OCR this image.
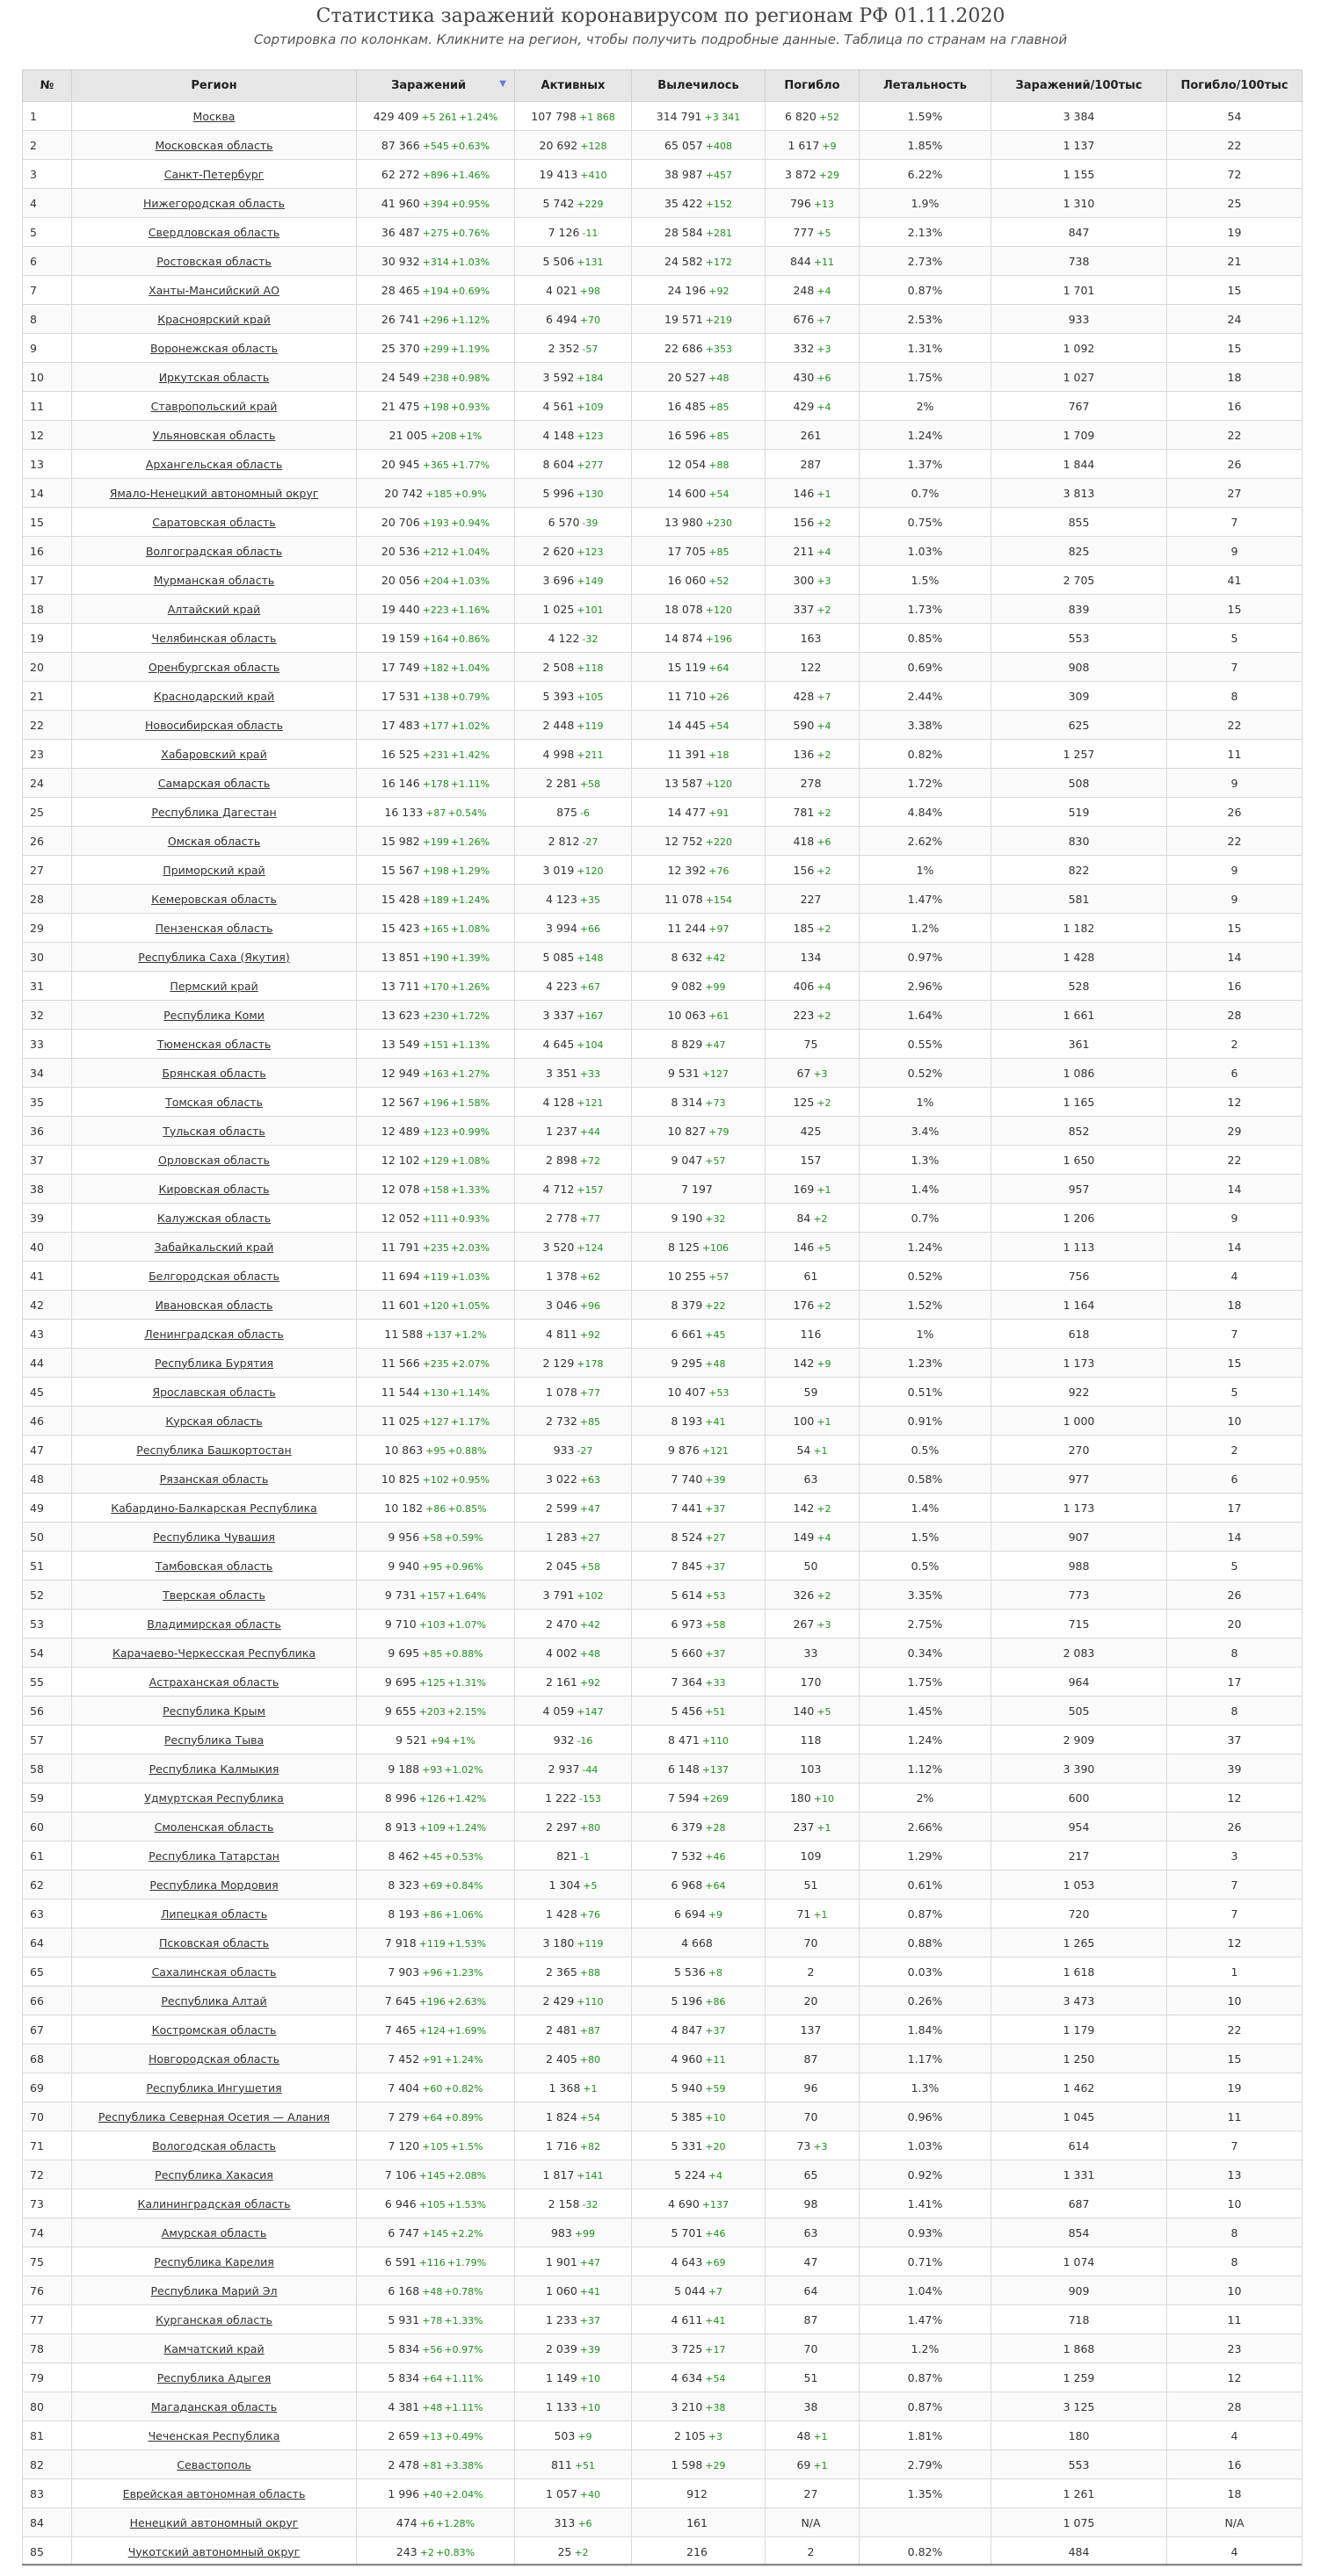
Статистика заражений коронавирусом по регионам РФ 01.11.2020
Сортировка по колонкам. Кликните на регион, чтобы получить подробные данные. Таблица по странам на главной
№	Регион	Заражений ▼	Активных	Вылечилось	Погибло	Летальность	Заражений/100тыс	Погибло/100тыс
1	Москва	429 409 +5 261 +1.24%	107 798 +1 868	314 791 +3 341	6 820 +52	1.59%	3 384	54
2	Московская область	87 366 +545 +0.63%	20 692 +128	65 057 +408	1 617 +9	1.85%	1 137	22
3	Санкт-Петербург	62 272 +896 +1.46%	19 413 +410	38 987 +457	3 872 +29	6.22%	1 155	72
4	Нижегородская область	41 960 +394 +0.95%	5 742 +229	35 422 +152	796 +13	1.9%	1 310	25
5	Свердловская область	36 487 +275 +0.76%	7 126 -11	28 584 +281	777 +5	2.13%	847	19
6	Ростовская область	30 932 +314 +1.03%	5 506 +131	24 582 +172	844 +11	2.73%	738	21
7	Ханты-Мансийский АО	28 465 +194 +0.69%	4 021 +98	24 196 +92	248 +4	0.87%	1 701	15
8	Красноярский край	26 741 +296 +1.12%	6 494 +70	19 571 +219	676 +7	2.53%	933	24
9	Воронежская область	25 370 +299 +1.19%	2 352 -57	22 686 +353	332 +3	1.31%	1 092	15
10	Иркутская область	24 549 +238 +0.98%	3 592 +184	20 527 +48	430 +6	1.75%	1 027	18
11	Ставропольский край	21 475 +198 +0.93%	4 561 +109	16 485 +85	429 +4	2%	767	16
12	Ульяновская область	21 005 +208 +1%	4 148 +123	16 596 +85	261	1.24%	1 709	22
13	Архангельская область	20 945 +365 +1.77%	8 604 +277	12 054 +88	287	1.37%	1 844	26
14	Ямало-Ненецкий автономный округ	20 742 +185 +0.9%	5 996 +130	14 600 +54	146 +1	0.7%	3 813	27
15	Саратовская область	20 706 +193 +0.94%	6 570 -39	13 980 +230	156 +2	0.75%	855	7
16	Волгоградская область	20 536 +212 +1.04%	2 620 +123	17 705 +85	211 +4	1.03%	825	9
17	Мурманская область	20 056 +204 +1.03%	3 696 +149	16 060 +52	300 +3	1.5%	2 705	41
18	Алтайский край	19 440 +223 +1.16%	1 025 +101	18 078 +120	337 +2	1.73%	839	15
19	Челябинская область	19 159 +164 +0.86%	4 122 -32	14 874 +196	163	0.85%	553	5
20	Оренбургская область	17 749 +182 +1.04%	2 508 +118	15 119 +64	122	0.69%	908	7
21	Краснодарский край	17 531 +138 +0.79%	5 393 +105	11 710 +26	428 +7	2.44%	309	8
22	Новосибирская область	17 483 +177 +1.02%	2 448 +119	14 445 +54	590 +4	3.38%	625	22
23	Хабаровский край	16 525 +231 +1.42%	4 998 +211	11 391 +18	136 +2	0.82%	1 257	11
24	Самарская область	16 146 +178 +1.11%	2 281 +58	13 587 +120	278	1.72%	508	9
25	Республика Дагестан	16 133 +87 +0.54%	875 -6	14 477 +91	781 +2	4.84%	519	26
26	Омская область	15 982 +199 +1.26%	2 812 -27	12 752 +220	418 +6	2.62%	830	22
27	Приморский край	15 567 +198 +1.29%	3 019 +120	12 392 +76	156 +2	1%	822	9
28	Кемеровская область	15 428 +189 +1.24%	4 123 +35	11 078 +154	227	1.47%	581	9
29	Пензенская область	15 423 +165 +1.08%	3 994 +66	11 244 +97	185 +2	1.2%	1 182	15
30	Республика Саха (Якутия)	13 851 +190 +1.39%	5 085 +148	8 632 +42	134	0.97%	1 428	14
31	Пермский край	13 711 +170 +1.26%	4 223 +67	9 082 +99	406 +4	2.96%	528	16
32	Республика Коми	13 623 +230 +1.72%	3 337 +167	10 063 +61	223 +2	1.64%	1 661	28
33	Тюменская область	13 549 +151 +1.13%	4 645 +104	8 829 +47	75	0.55%	361	2
34	Брянская область	12 949 +163 +1.27%	3 351 +33	9 531 +127	67 +3	0.52%	1 086	6
35	Томская область	12 567 +196 +1.58%	4 128 +121	8 314 +73	125 +2	1%	1 165	12
36	Тульская область	12 489 +123 +0.99%	1 237 +44	10 827 +79	425	3.4%	852	29
37	Орловская область	12 102 +129 +1.08%	2 898 +72	9 047 +57	157	1.3%	1 650	22
38	Кировская область	12 078 +158 +1.33%	4 712 +157	7 197	169 +1	1.4%	957	14
39	Калужская область	12 052 +111 +0.93%	2 778 +77	9 190 +32	84 +2	0.7%	1 206	9
40	Забайкальский край	11 791 +235 +2.03%	3 520 +124	8 125 +106	146 +5	1.24%	1 113	14
41	Белгородская область	11 694 +119 +1.03%	1 378 +62	10 255 +57	61	0.52%	756	4
42	Ивановская область	11 601 +120 +1.05%	3 046 +96	8 379 +22	176 +2	1.52%	1 164	18
43	Ленинградская область	11 588 +137 +1.2%	4 811 +92	6 661 +45	116	1%	618	7
44	Республика Бурятия	11 566 +235 +2.07%	2 129 +178	9 295 +48	142 +9	1.23%	1 173	15
45	Ярославская область	11 544 +130 +1.14%	1 078 +77	10 407 +53	59	0.51%	922	5
46	Курская область	11 025 +127 +1.17%	2 732 +85	8 193 +41	100 +1	0.91%	1 000	10
47	Республика Башкортостан	10 863 +95 +0.88%	933 -27	9 876 +121	54 +1	0.5%	270	2
48	Рязанская область	10 825 +102 +0.95%	3 022 +63	7 740 +39	63	0.58%	977	6
49	Кабардино-Балкарская Республика	10 182 +86 +0.85%	2 599 +47	7 441 +37	142 +2	1.4%	1 173	17
50	Республика Чувашия	9 956 +58 +0.59%	1 283 +27	8 524 +27	149 +4	1.5%	907	14
51	Тамбовская область	9 940 +95 +0.96%	2 045 +58	7 845 +37	50	0.5%	988	5
52	Тверская область	9 731 +157 +1.64%	3 791 +102	5 614 +53	326 +2	3.35%	773	26
53	Владимирская область	9 710 +103 +1.07%	2 470 +42	6 973 +58	267 +3	2.75%	715	20
54	Карачаево-Черкесская Республика	9 695 +85 +0.88%	4 002 +48	5 660 +37	33	0.34%	2 083	8
55	Астраханская область	9 695 +125 +1.31%	2 161 +92	7 364 +33	170	1.75%	964	17
56	Республика Крым	9 655 +203 +2.15%	4 059 +147	5 456 +51	140 +5	1.45%	505	8
57	Республика Тыва	9 521 +94 +1%	932 -16	8 471 +110	118	1.24%	2 909	37
58	Республика Калмыкия	9 188 +93 +1.02%	2 937 -44	6 148 +137	103	1.12%	3 390	39
59	Удмуртская Республика	8 996 +126 +1.42%	1 222 -153	7 594 +269	180 +10	2%	600	12
60	Смоленская область	8 913 +109 +1.24%	2 297 +80	6 379 +28	237 +1	2.66%	954	26
61	Республика Татарстан	8 462 +45 +0.53%	821 -1	7 532 +46	109	1.29%	217	3
62	Республика Мордовия	8 323 +69 +0.84%	1 304 +5	6 968 +64	51	0.61%	1 053	7
63	Липецкая область	8 193 +86 +1.06%	1 428 +76	6 694 +9	71 +1	0.87%	720	7
64	Псковская область	7 918 +119 +1.53%	3 180 +119	4 668	70	0.88%	1 265	12
65	Сахалинская область	7 903 +96 +1.23%	2 365 +88	5 536 +8	2	0.03%	1 618	1
66	Республика Алтай	7 645 +196 +2.63%	2 429 +110	5 196 +86	20	0.26%	3 473	10
67	Костромская область	7 465 +124 +1.69%	2 481 +87	4 847 +37	137	1.84%	1 179	22
68	Новгородская область	7 452 +91 +1.24%	2 405 +80	4 960 +11	87	1.17%	1 250	15
69	Республика Ингушетия	7 404 +60 +0.82%	1 368 +1	5 940 +59	96	1.3%	1 462	19
70	Республика Северная Осетия — Алания	7 279 +64 +0.89%	1 824 +54	5 385 +10	70	0.96%	1 045	11
71	Вологодская область	7 120 +105 +1.5%	1 716 +82	5 331 +20	73 +3	1.03%	614	7
72	Республика Хакасия	7 106 +145 +2.08%	1 817 +141	5 224 +4	65	0.92%	1 331	13
73	Калининградская область	6 946 +105 +1.53%	2 158 -32	4 690 +137	98	1.41%	687	10
74	Амурская область	6 747 +145 +2.2%	983 +99	5 701 +46	63	0.93%	854	8
75	Республика Карелия	6 591 +116 +1.79%	1 901 +47	4 643 +69	47	0.71%	1 074	8
76	Республика Марий Эл	6 168 +48 +0.78%	1 060 +41	5 044 +7	64	1.04%	909	10
77	Курганская область	5 931 +78 +1.33%	1 233 +37	4 611 +41	87	1.47%	718	11
78	Камчатский край	5 834 +56 +0.97%	2 039 +39	3 725 +17	70	1.2%	1 868	23
79	Республика Адыгея	5 834 +64 +1.11%	1 149 +10	4 634 +54	51	0.87%	1 259	12
80	Магаданская область	4 381 +48 +1.11%	1 133 +10	3 210 +38	38	0.87%	3 125	28
81	Чеченская Республика	2 659 +13 +0.49%	503 +9	2 105 +3	48 +1	1.81%	180	4
82	Севастополь	2 478 +81 +3.38%	811 +51	1 598 +29	69 +1	2.79%	553	16
83	Еврейская автономная область	1 996 +40 +2.04%	1 057 +40	912	27	1.35%	1 261	18
84	Ненецкий автономный округ	474 +6 +1.28%	313 +6	161	N/A		1 075	N/A
85	Чукотский автономный округ	243 +2 +0.83%	25 +2	216	2	0.82%	484	4
